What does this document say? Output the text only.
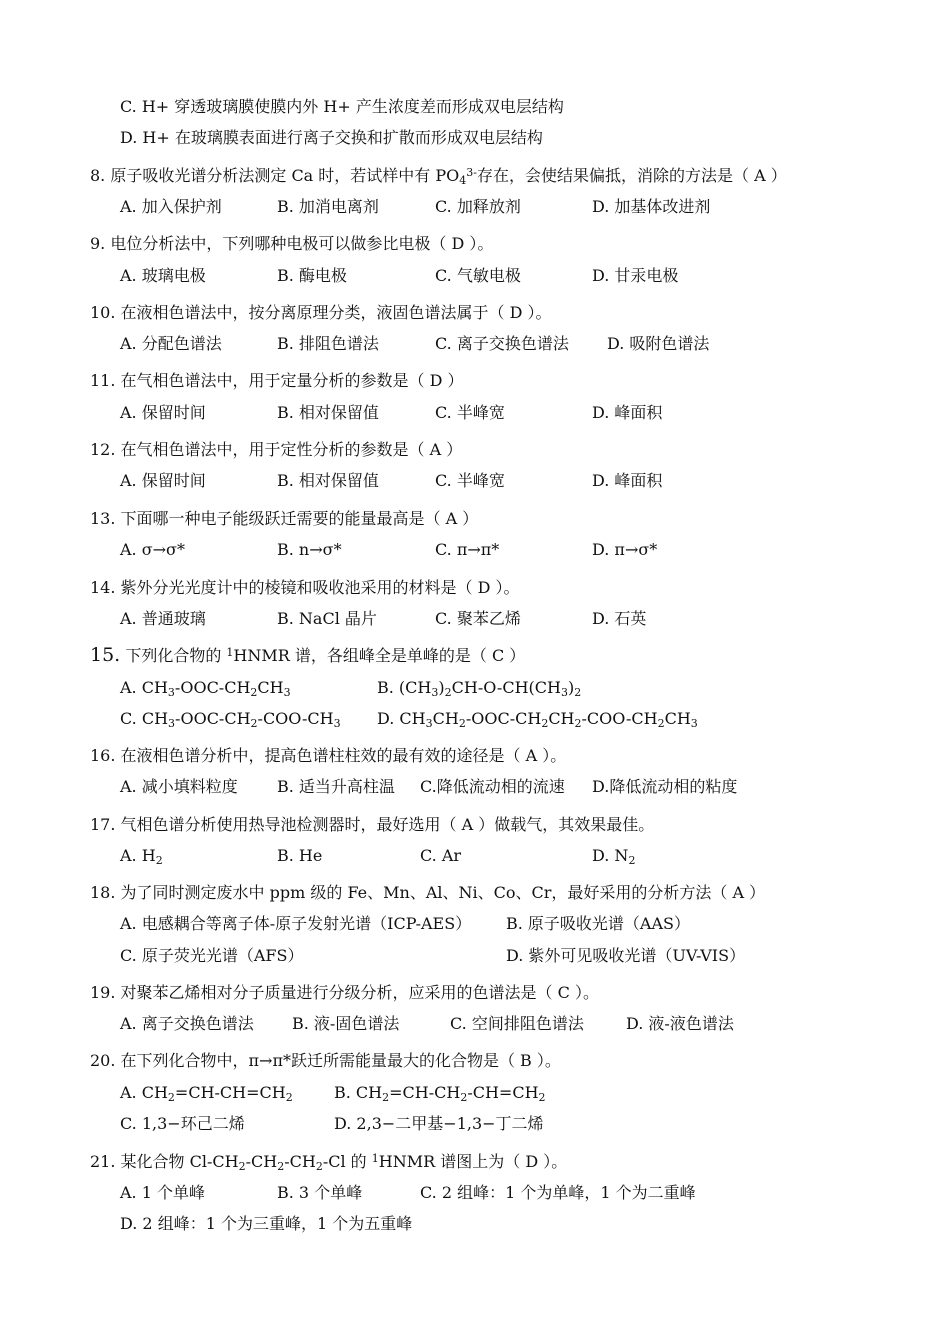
C. H+ 穿透玻璃膜使膜内外 H+ 产生浓度差而形成双电层结构
D. H+ 在玻璃膜表面进行离子交换和扩散而形成双电层结构
8. 原子吸收光谱分析法测定 Ca 时，若试样中有 $PO_4^{3-}$存在，会使结果偏抵，消除的方法是（ A ）
A. 加入保护剂	B. 加消电离剂	C. 加释放剂	D. 加基体改进剂
9. 电位分析法中，下列哪种电极可以做参比电极（ D ）。
A. 玻璃电极	B. 酶电极	C. 气敏电极	D. 甘汞电极
10. 在液相色谱法中，按分离原理分类，液固色谱法属于（ D ）。
A. 分配色谱法	B. 排阻色谱法	C. 离子交换色谱法 D. 吸附色谱法
11. 在气相色谱法中，用于定量分析的参数是（ D ）
A. 保留时间	B. 相对保留值	C. 半峰宽	D. 峰面积
12. 在气相色谱法中，用于定性分析的参数是（ A ）
A. 保留时间	B. 相对保留值	C. 半峰宽	D. 峰面积
13. 下面哪一种电子能级跃迁需要的能量最高是（ A ）
A. σ→σ*	B. n→σ*	C. π→π*	D. π→σ*
14. 紫外分光光度计中的棱镜和吸收池采用的材料是（ D ）。
A. 普通玻璃	B. NaCl 晶片	C. 聚苯乙烯	D. 石英
15. 下列化合物的 $^1$HNMR 谱，各组峰全是单峰的是（ C ）
A. $CH_3-OOC-CH_2CH_3$	B. $(CH_3)_2CH-O-CH(CH_3)_2$
C. $CH_3-OOC-CH_2-COO-CH_3$ D. $CH_3CH_2-OOC-CH_2CH_2-COO-CH_2CH_3$
16. 在液相色谱分析中，提高色谱柱柱效的最有效的途径是（ A ）。
A. 减小填料粒度 B. 适当升高柱温 C.降低流动相的流速 D.降低流动相的粘度
17. 气相色谱分析使用热导池检测器时，最好选用（ A ）做载气，其效果最佳。
A. $H_2$	B. He	C. Ar	D. $N_2$
18. 为了同时测定废水中 ppm 级的 Fe、Mn、Al、Ni、Co、Cr，最好采用的分析方法（ A ）
A. 电感耦合等离子体-原子发射光谱（ICP-AES） B. 原子吸收光谱（AAS）
C. 原子荧光光谱（AFS）	D. 紫外可见吸收光谱（UV-VIS）
19. 对聚苯乙烯相对分子质量进行分级分析，应采用的色谱法是（ C ）。
A. 离子交换色谱法 B. 液-固色谱法	C. 空间排阻色谱法	D. 液-液色谱法
20. 在下列化合物中，π→π*跃迁所需能量最大的化合物是（ B ）。
A. $CH_2=CH-CH=CH_2$	B. $CH_2=CH-CH_2-CH=CH_2$
C. 1,3−环己二烯	D. 2,3−二甲基−1,3−丁二烯
21. 某化合物 $Cl-CH_2-CH_2-CH_2-Cl$ 的 $^1$HNMR 谱图上为（ D ）。
A. 1 个单峰	B. 3 个单峰	C. 2 组峰：1 个为单峰，1 个为二重峰
D. 2 组峰：1 个为三重峰，1 个为五重峰
